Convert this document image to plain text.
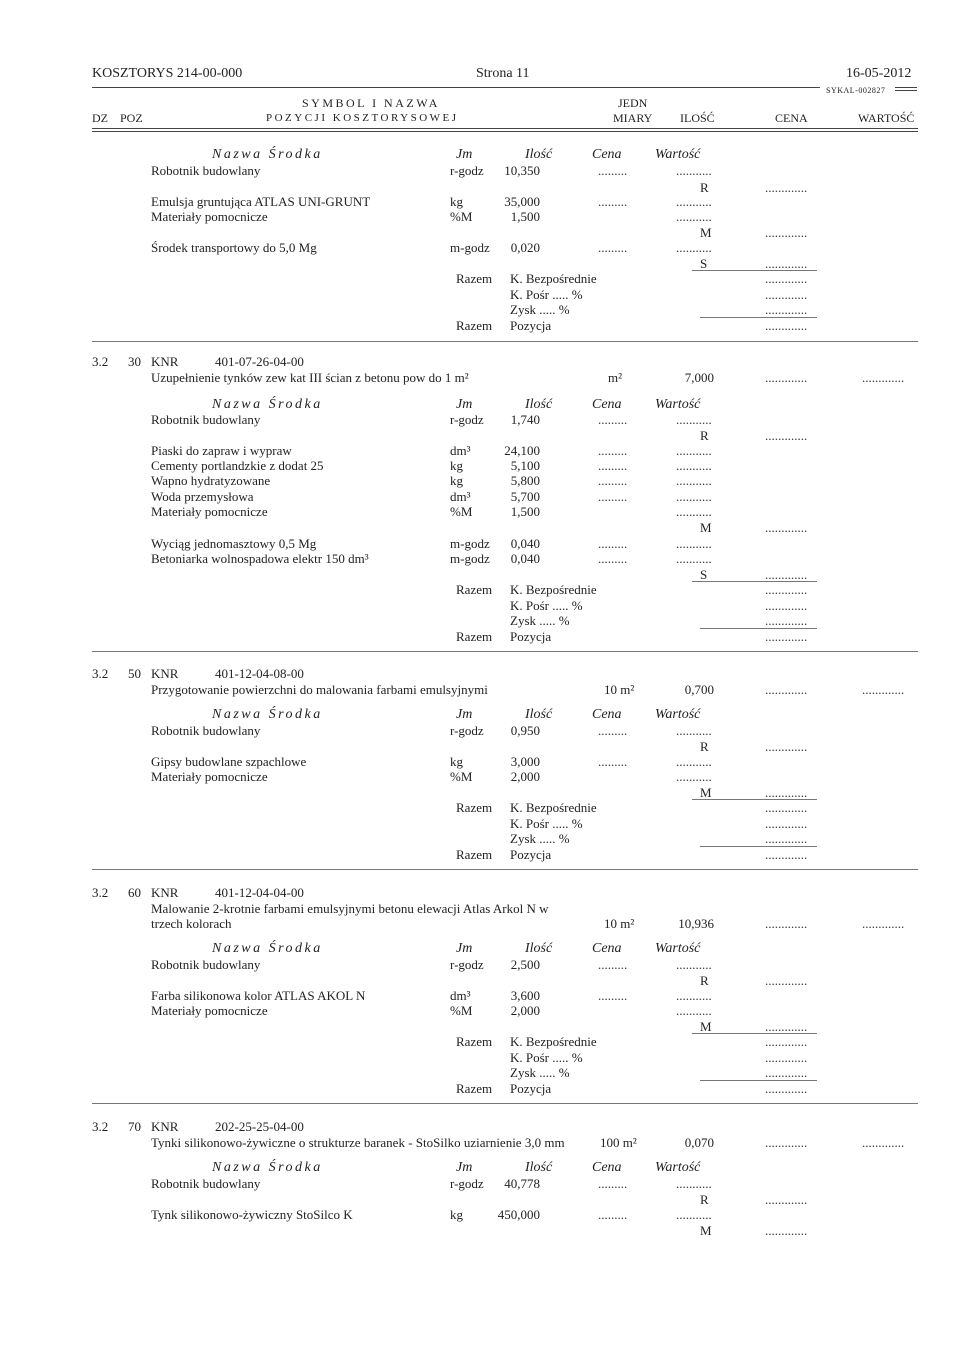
KOSZTORYS 214-00-000	Strona 11	16-05-2012
SYKAL-002827
SYMBOL I NAZWA	JEDN
DZ POZ	POZYCJI KOSZTORYSOWEJ	MIARY ILOŚĆ	CENA	WARTOŚĆ
Nazwa Środka	Jm	Ilość	Cena Wartość
Robotnik budowlany	r-godz	10,350	.........	...........
R	.............
Emulsja gruntująca ATLAS UNI-GRUNT	kg	35,000	.........	...........
Materiały pomocnicze	%M	1,500	...........
M	.............
Środek transportowy do 5,0 Mg	m-godz	0,020	.........	...........
S	.............
Razem K. Bezpośrednie	.............
K. Pośr ..... %	.............
Zysk ..... %	.............
Razem Pozycja	.............
3.2 30 KNR	401-07-26-04-00
Uzupełnienie tynków zew kat III ścian z betonu pow do 1 m²	m²	7,000	.............	.............
Nazwa Środka	Jm	Ilość	Cena Wartość
Robotnik budowlany	r-godz	1,740	.........	...........
R	.............
Piaski do zapraw i wypraw	dm³	24,100	.........	...........
Cementy portlandzkie z dodat 25	kg	5,100	.........	...........
Wapno hydratyzowane	kg	5,800	.........	...........
Woda przemysłowa	dm³	5,700	.........	...........
Materiały pomocnicze	%M	1,500	...........
M	.............
Wyciąg jednomasztowy 0,5 Mg	m-godz	0,040	.........	...........
Betoniarka wolnospadowa elektr 150 dm³	m-godz	0,040	.........	...........
S	.............
Razem K. Bezpośrednie	.............
K. Pośr ..... %	.............
Zysk ..... %	.............
Razem Pozycja	.............
3.2 50 KNR	401-12-04-08-00
Przygotowanie powierzchni do malowania farbami emulsyjnymi	10 m²	0,700	.............	.............
Nazwa Środka	Jm	Ilość	Cena Wartość
Robotnik budowlany	r-godz	0,950	.........	...........
R	.............
Gipsy budowlane szpachlowe	kg	3,000	.........	...........
Materiały pomocnicze	%M	2,000	...........
M	.............
Razem K. Bezpośrednie	.............
K. Pośr ..... %	.............
Zysk ..... %	.............
Razem Pozycja	.............
3.2 60 KNR	401-12-04-04-00
Malowanie 2-krotnie farbami emulsyjnymi betonu elewacji Atlas Arkol N w
trzech kolorach	10 m²	10,936	.............	.............
Nazwa Środka	Jm	Ilość	Cena Wartość
Robotnik budowlany	r-godz	2,500	.........	...........
R	.............
Farba silikonowa kolor ATLAS AKOL N	dm³	3,600	.........	...........
Materiały pomocnicze	%M	2,000	...........
M	.............
Razem K. Bezpośrednie	.............
K. Pośr ..... %	.............
Zysk ..... %	.............
Razem Pozycja	.............
3.2 70 KNR	202-25-25-04-00
Tynki silikonowo-żywiczne o strukturze baranek - StoSilko uziarnienie 3,0 mm	100 m²	0,070	.............	.............
Nazwa Środka	Jm	Ilość	Cena Wartość
Robotnik budowlany	r-godz	40,778	.........	...........
R	.............
Tynk silikonowo-żywiczny StoSilco K	kg	450,000	.........	...........
M	.............
